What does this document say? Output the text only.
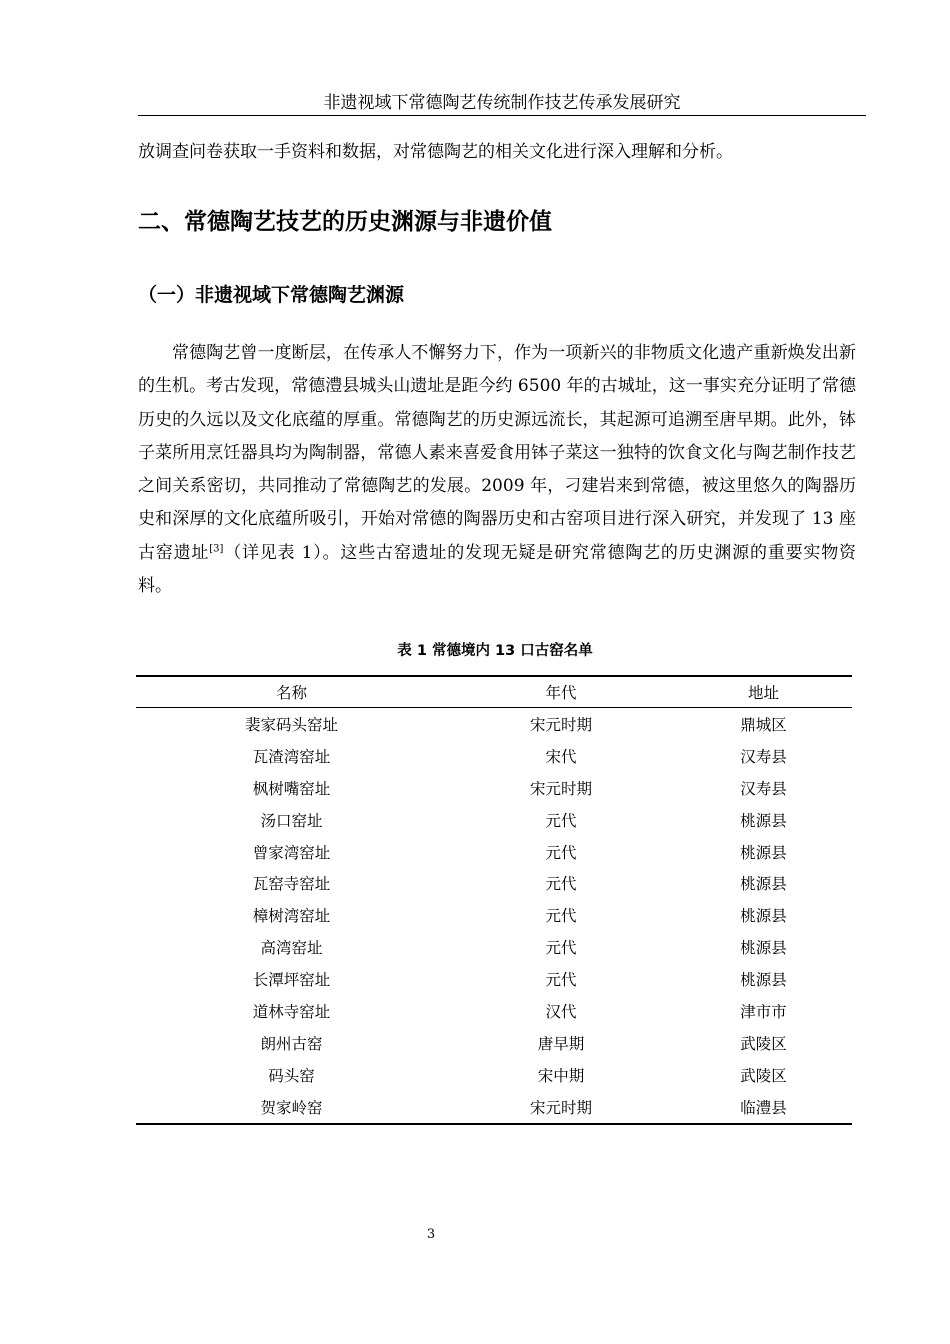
非遗视域下常德陶艺传统制作技艺传承发展研究
放调查问卷获取一手资料和数据，对常德陶艺的相关文化进行深入理解和分析。
二、常德陶艺技艺的历史渊源与非遗价值
（一）非遗视域下常德陶艺渊源

常德陶艺曾一度断层，在传承人不懈努力下，作为一项新兴的非物质文化遗产重新焕发出新的生机。考古发现，常德澧县城头山遗址是距今约 6500 年的古城址，这一事实充分证明了常德历史的久远以及文化底蕴的厚重。常德陶艺的历史源远流长，其起源可追溯至唐早期。此外，钵子菜所用烹饪器具均为陶制器，常德人素来喜爱食用钵子菜这一独特的饮食文化与陶艺制作技艺之间关系密切，共同推动了常德陶艺的发展。2009 年，刁建岩来到常德，被这里悠久的陶器历史和深厚的文化底蕴所吸引，开始对常德的陶器历史和古窑项目进行深入研究，并发现了 13 座古窑遗址[3]（详见表 1）。这些古窑遗址的发现无疑是研究常德陶艺的历史渊源的重要实物资料。

表 1 常德境内 13 口古窑名单
名称	年代	地址
裴家码头窑址	宋元时期	鼎城区
瓦渣湾窑址	宋代	汉寿县
枫树嘴窑址	宋元时期	汉寿县
汤口窑址	元代	桃源县
曾家湾窑址	元代	桃源县
瓦窑寺窑址	元代	桃源县
樟树湾窑址	元代	桃源县
高湾窑址	元代	桃源县
长潭坪窑址	元代	桃源县
道林寺窑址	汉代	津市市
朗州古窑	唐早期	武陵区
码头窑	宋中期	武陵区
贺家岭窑	宋元时期	临澧县
3
